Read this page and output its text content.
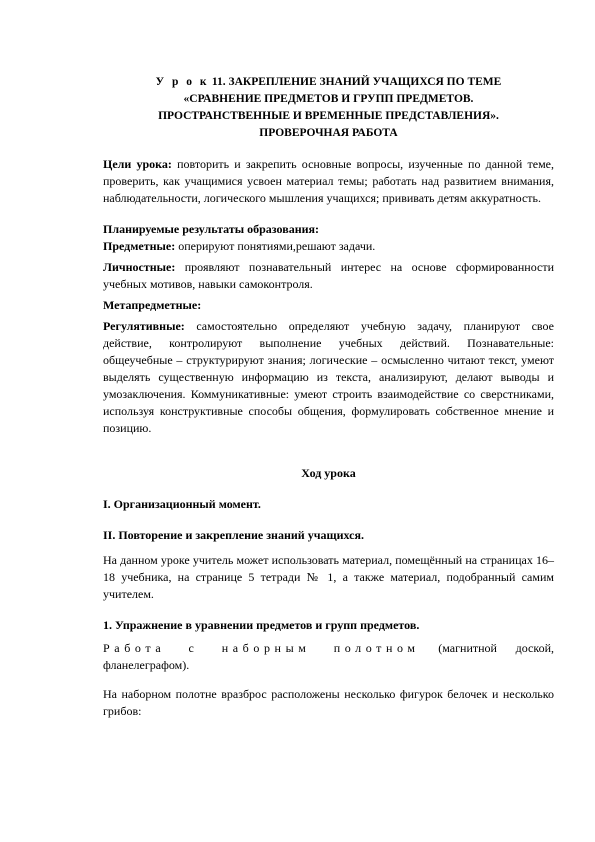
У р о к 11. ЗАКРЕПЛЕНИЕ ЗНАНИЙ УЧАЩИХСЯ ПО ТЕМЕ
«СРАВНЕНИЕ ПРЕДМЕТОВ И ГРУПП ПРЕДМЕТОВ.
ПРОСТРАНСТВЕННЫЕ И ВРЕМЕННЫЕ ПРЕДСТАВЛЕНИЯ».
ПРОВЕРОЧНАЯ РАБОТА

Цели урока: повторить и закрепить основные вопросы, изученные по данной теме, проверить, как учащимися усвоен материал темы; работать над развитием внимания, наблюдательности, логического мышления учащихся; прививать детям аккуратность.

Планируемые результаты образования:

Предметные: оперируют понятиями,решают задачи.

Личностные: проявляют познавательный интерес на основе сформированности учебных мотивов, навыки самоконтроля.

Метапредметные:

Регулятивные: самостоятельно определяют учебную задачу, планируют свое действие, контролируют выполнение учебных действий. Познавательные: общеучебные – структурируют знания; логические – осмысленно читают текст, умеют выделять существенную информацию из текста, анализируют, делают выводы и умозаключения. Коммуникативные: умеют строить взаимодействие со сверстниками, используя конструктивные способы общения, формулировать собственное мнение и позицию.

Ход урока

I. Организационный момент.

II. Повторение и закрепление знаний учащихся.

На данном уроке учитель может использовать материал, помещённый на страницах 16–18 учебника, на странице 5 тетради № 1, а также материал, подобранный самим учителем.

1. Упражнение в уравнении предметов и групп предметов.

Работа с наборным полотном (магнитной доской, фланелеграфом).

На наборном полотне вразброс расположены несколько фигурок белочек и несколько грибов:
